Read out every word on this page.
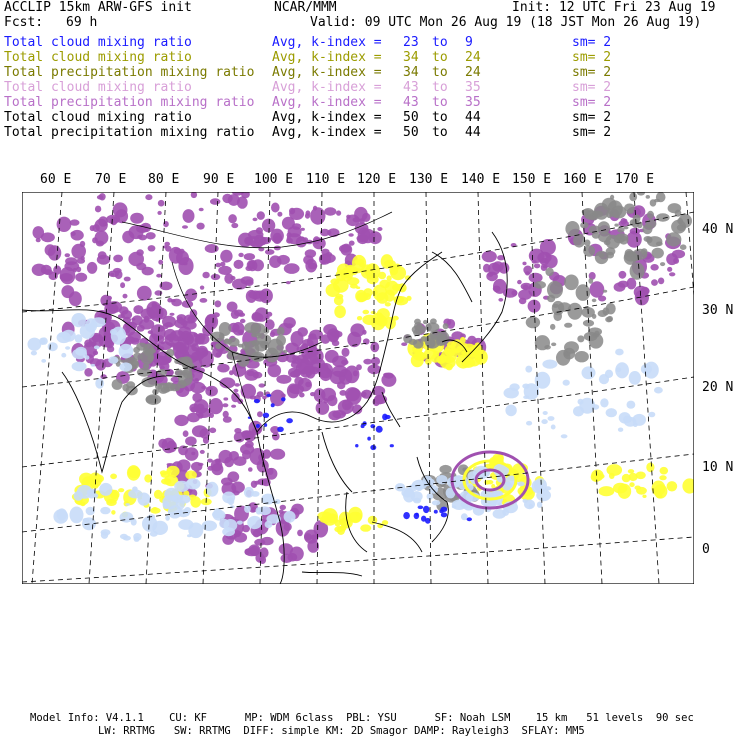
ACCLIP 15km ARW-GFS init	NCAR/MMM	Init: 12 UTC Fri 23 Aug 19
Fcst: 69 h	Valid: 09 UTC Mon 26 Aug 19 (18 JST Mon 26 Aug 19)
Total cloud mixing ratio	Avg, k-index = 23 to 9	sm= 2
Total cloud mixing ratio	Avg, k-index = 34 to 24	sm= 2
Total precipitation mixing ratio Avg, k-index = 34 to 24	sm= 2
Total cloud mixing ratio	Avg, k-index = 43 to 35	sm= 2
Total precipitation mixing ratio Avg, k-index = 43 to 35	sm= 2
Total cloud mixing ratio	Avg, k-index = 50 to 44	sm= 2
Total precipitation mixing ratio Avg, k-index = 50 to 44	sm= 2
60 E 70 E 80 E 90 E 100 E 110 E 120 E 130 E 140 E 150 E 160 E 170 E
40 N
30 N
20 N
10 N
0
Model Info: V4.1.1    CU: KF      MP: WDM 6class  PBL: YSU      SF: Noah LSM    15 km   51 levels  90 sec
LW: RRTMG   SW: RRTMG  DIFF: simple KM: 2D Smagor DAMP: Rayleigh3  SFLAY: MM5
